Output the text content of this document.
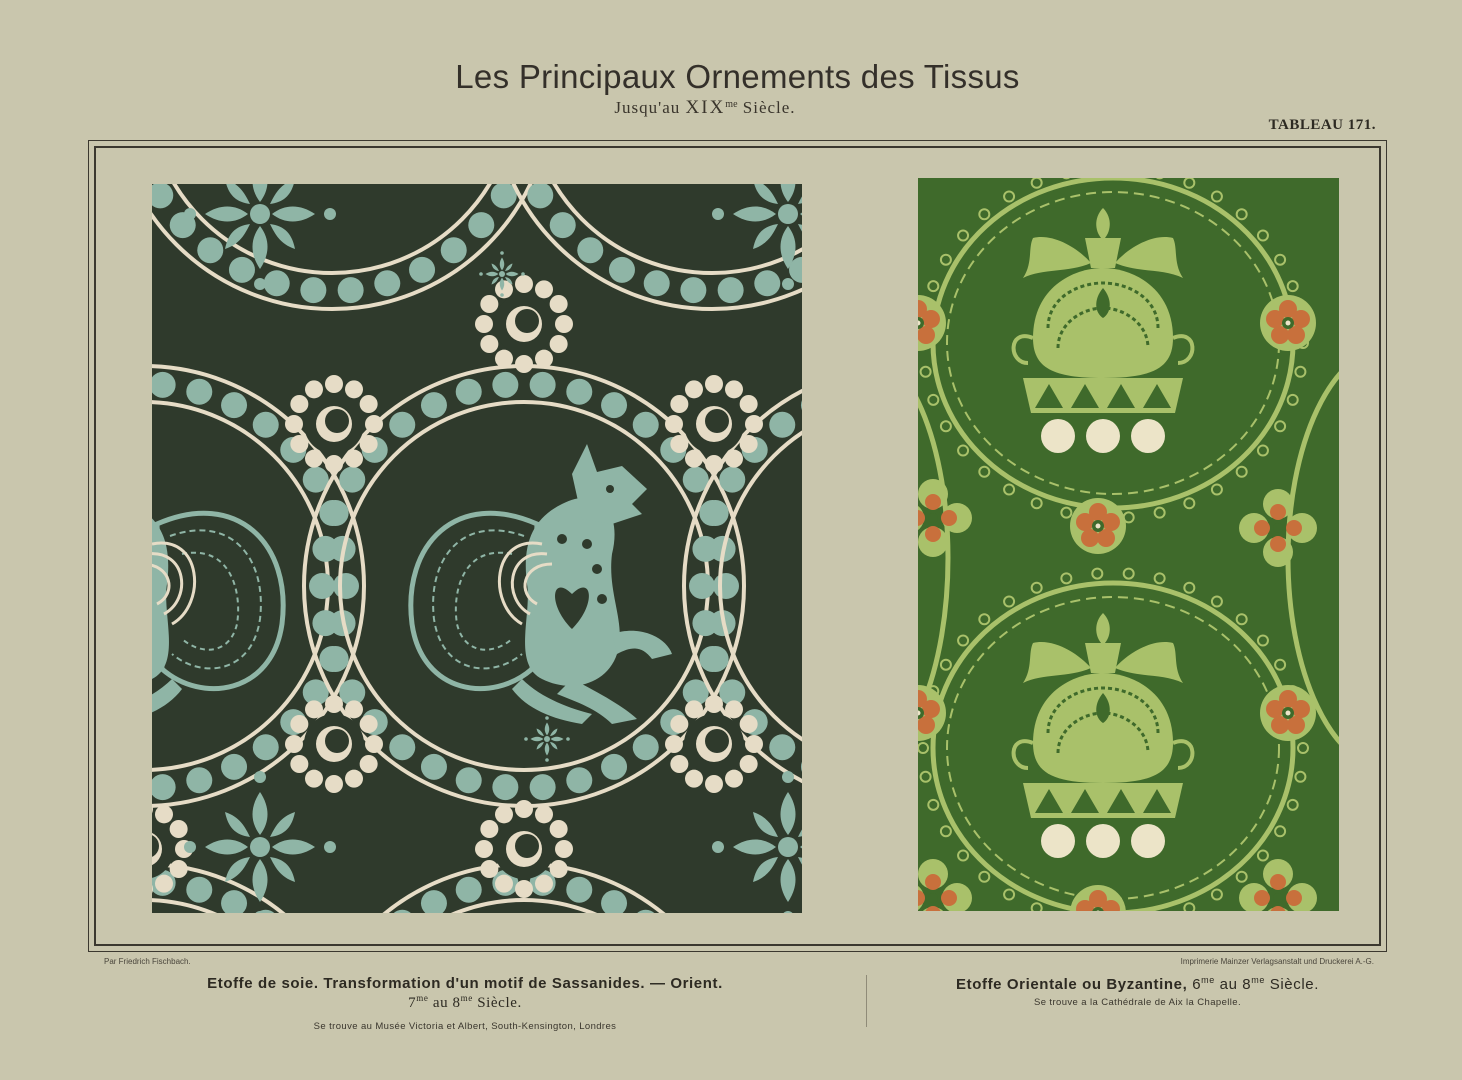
Les Principaux Ornements des Tissus
Jusqu'au $XIX^{me}$ Siècle.
TABLEAU 171.
Par Friedrich Fischbach.	Imprimerie Mainzer Verlagsanstalt und Druckerei A.-G.
Etoffe de soie. Transformation d'un motif de Sassanides. — Orient.
$7^{me}$ au $8^{me}$ Siècle.
Se trouve au Musée Victoria et Albert, South-Kensington, Londres
Etoffe Orientale ou Byzantine, $6^{me}$ au $8^{me}$ Siècle.
Se trouve a la Cathédrale de Aix la Chapelle.
